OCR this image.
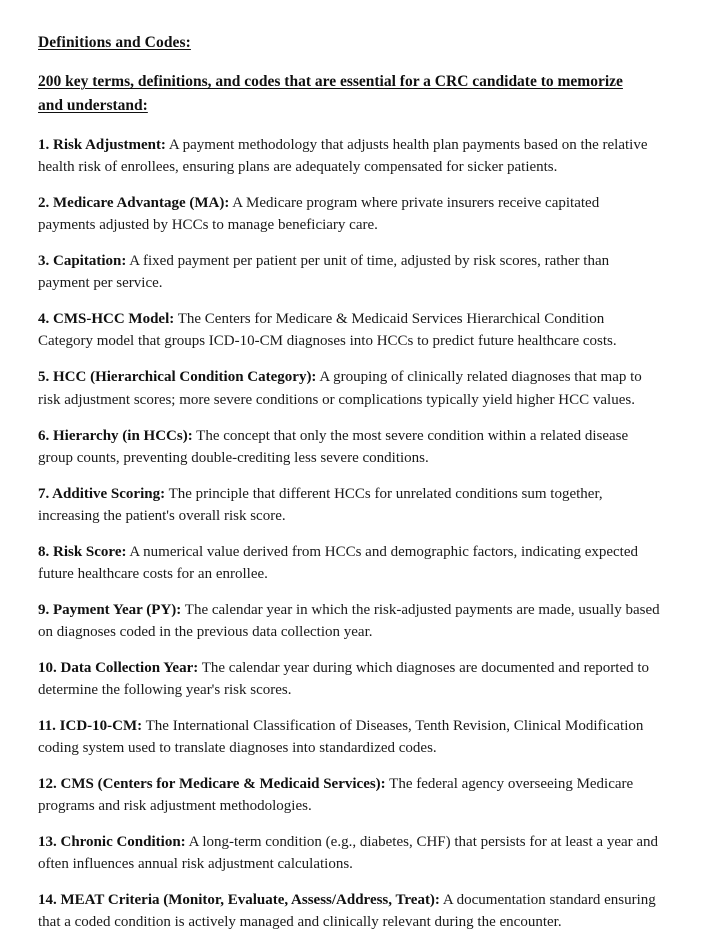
Definitions and Codes:
200 key terms, definitions, and codes that are essential for a CRC candidate to memorize and understand:

1. Risk Adjustment: A payment methodology that adjusts health plan payments based on the relative health risk of enrollees, ensuring plans are adequately compensated for sicker patients.

2. Medicare Advantage (MA): A Medicare program where private insurers receive capitated payments adjusted by HCCs to manage beneficiary care.

3. Capitation: A fixed payment per patient per unit of time, adjusted by risk scores, rather than payment per service.

4. CMS-HCC Model: The Centers for Medicare & Medicaid Services Hierarchical Condition Category model that groups ICD-10-CM diagnoses into HCCs to predict future healthcare costs.

5. HCC (Hierarchical Condition Category): A grouping of clinically related diagnoses that map to risk adjustment scores; more severe conditions or complications typically yield higher HCC values.

6. Hierarchy (in HCCs): The concept that only the most severe condition within a related disease group counts, preventing double-crediting less severe conditions.

7. Additive Scoring: The principle that different HCCs for unrelated conditions sum together, increasing the patient's overall risk score.

8. Risk Score: A numerical value derived from HCCs and demographic factors, indicating expected future healthcare costs for an enrollee.

9. Payment Year (PY): The calendar year in which the risk-adjusted payments are made, usually based on diagnoses coded in the previous data collection year.

10. Data Collection Year: The calendar year during which diagnoses are documented and reported to determine the following year's risk scores.

11. ICD-10-CM: The International Classification of Diseases, Tenth Revision, Clinical Modification coding system used to translate diagnoses into standardized codes.

12. CMS (Centers for Medicare & Medicaid Services): The federal agency overseeing Medicare programs and risk adjustment methodologies.

13. Chronic Condition: A long-term condition (e.g., diabetes, CHF) that persists for at least a year and often influences annual risk adjustment calculations.

14. MEAT Criteria (Monitor, Evaluate, Assess/Address, Treat): A documentation standard ensuring that a coded condition is actively managed and clinically relevant during the encounter.
